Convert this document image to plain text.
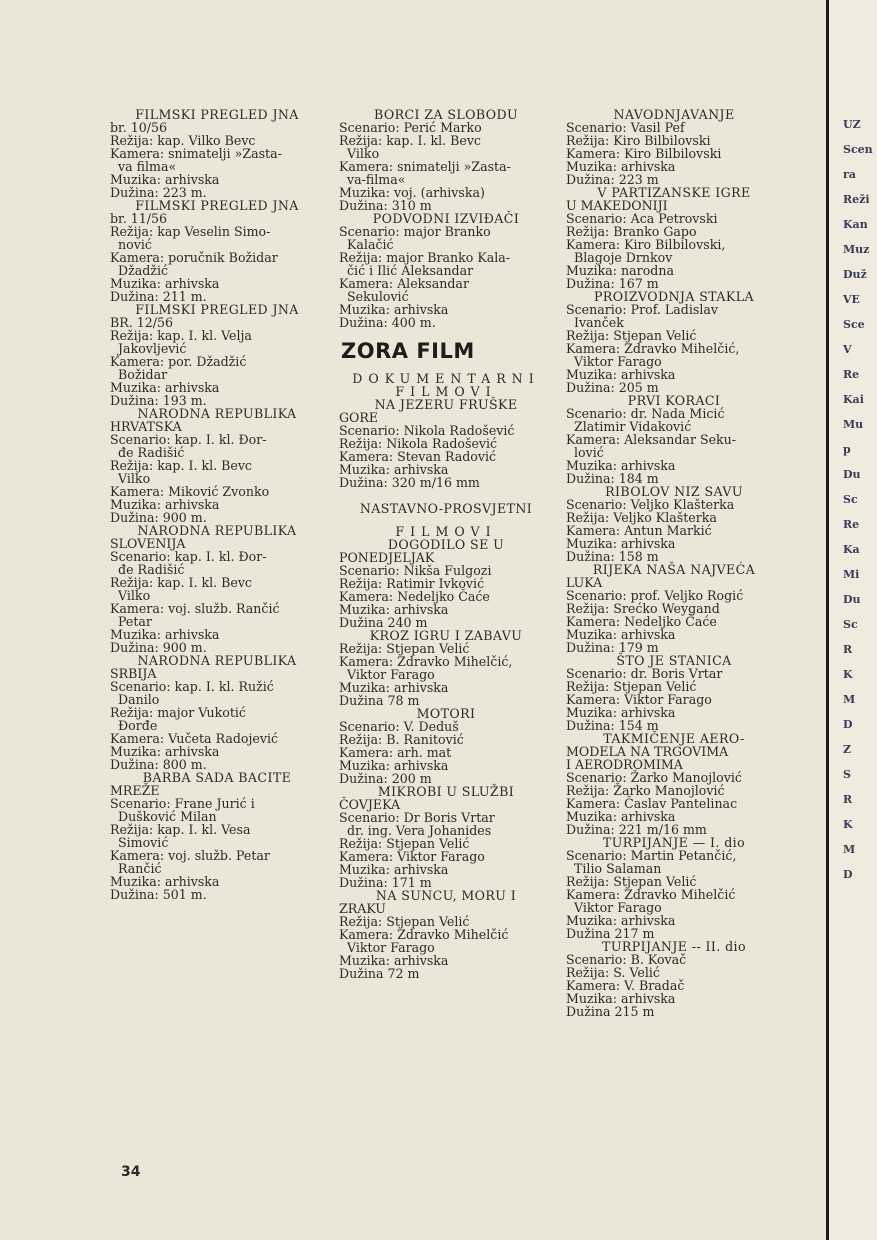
FILMSKI PREGLED JNA
br. 10/56
Režija: kap. Vilko Bevc
Kamera: snimatelji »Zasta-
va filma«
Muzika: arhivska
Dužina: 223 m.
FILMSKI PREGLED JNA
br. 11/56
Režija: kap Veselin Simo-
nović
Kamera: poručnik Božidar
Džadžić
Muzika: arhivska
Dužina: 211 m.
FILMSKI PREGLED JNA
BR. 12/56
Režija: kap. I. kl. Velja
Jakovljević
Kamera: por. Džadžić
Božidar
Muzika: arhivska
Dužina: 193 m.
NARODNA REPUBLIKA
HRVATSKA
Scenario: kap. I. kl. Đor-
đe Radišić
Režija: kap. I. kl. Bevc
Vilko
Kamera: Miković Zvonko
Muzika: arhivska
Dužina: 900 m.
NARODNA REPUBLIKA
SLOVENIJA
Scenario: kap. I. kl. Đor-
đe Radišić
Režija: kap. I. kl. Bevc
Vilko
Kamera: voj. služb. Rančić
Petar
Muzika: arhivska
Dužina: 900 m.
NARODNA REPUBLIKA
SRBIJA
Scenario: kap. I. kl. Ružić
Danilo
Režija: major Vukotić
Đorđe
Kamera: Vučeta Radojević
Muzika: arhivska
Dužina: 800 m.
BARBA SADA BACITE
MREŽE
Scenario: Frane Jurić i
Dušković Milan
Režija: kap. I. kl. Vesa
Simović
Kamera: voj. služb. Petar
Rančić
Muzika: arhivska
Dužina: 501 m.
BORCI ZA SLOBODU
Scenario: Perić Marko
Režija: kap. I. kl. Bevc
Vilko
Kamera: snimatelji »Zasta-
va-filma«
Muzika: voj. (arhivska)
Dužina: 310 m
PODVODNI IZVIĐAČI
Scenario: major Branko
Kalačić
Režija: major Branko Kala-
čić i Ilić Aleksandar
Kamera: Aleksandar
Sekulović
Muzika: arhivska
Dužina: 400 m.
ZORA FILM
DOKUMENTARNI FILMOVI
NA JEZERU FRUŠKE
GORE
Scenario: Nikola Radošević
Režija: Nikola Radošević
Kamera: Stevan Radović
Muzika: arhivska
Dužina: 320 m/16 mm
NASTAVNO-PROSVJETNI
FILMOVI
DOGODILO SE U
PONEDJELJAK
Scenario: Nikša Fulgozi
Režija: Ratimir Ivković
Kamera: Nedeljko Čaće
Muzika: arhivska
Dužina 240 m
KROZ IGRU I ZABAVU
Režija: Stjepan Velić
Kamera: Zdravko Mihelčić,
Viktor Farago
Muzika: arhivska
Dužina 78 m
MOTORI
Scenario: V. Deduš
Režija: B. Ranitović
Kamera: arh. mat
Muzika: arhivska
Dužina: 200 m
MIKROBI U SLUŽBI
ČOVJEKA
Scenario: Dr Boris Vrtar
dr. ing. Vera Johanides
Režija: Stjepan Velić
Kamera: Viktor Farago
Muzika: arhivska
Dužina: 171 m
NA SUNCU, MORU I
ZRAKU
Režija: Stjepan Velić
Kamera: Zdravko Mihelčić
Viktor Farago
Muzika: arhivska
Dužina 72 m
NAVODNJAVANJE
Scenario: Vasil Pef
Režija: Kiro Bilbilovski
Kamera: Kiro Bilbilovski
Muzika: arhivska
Dužina: 223 m
V PARTIZANSKE IGRE
U MAKEDONIJI
Scenario: Aca Petrovski
Režija: Branko Gapo
Kamera: Kiro Bilbilovski,
Blagoje Drnkov
Muzika: narodna
Dužina: 167 m
PROIZVODNJA STAKLA
Scenario: Prof. Ladislav
Ivanček
Režija: Stjepan Velić
Kamera: Zdravko Mihelčić,
Viktor Farago
Muzika: arhivska
Dužina: 205 m
PRVI KORACI
Scenario: dr. Nada Micić
Zlatimir Vidaković
Kamera: Aleksandar Seku-
lović
Muzika: arhivska
Dužina: 184 m
RIBOLOV NIZ SAVU
Scenario: Veljko Klašterka
Režija: Veljko Klašterka
Kamera: Antun Markić
Muzika: arhivska
Dužina: 158 m
RIJEKA NAŠA NAJVEĆA
LUKA
Scenario: prof. Veljko Rogić
Režija: Srećko Weygand
Kamera: Nedeljko Čaće
Muzika: arhivska
Dužina: 179 m
ŠTO JE STANICA
Scenario: dr. Boris Vrtar
Režija: Stjepan Velić
Kamera: Viktor Farago
Muzika: arhivska
Dužina: 154 m
TAKMIČENJE AERO-
MODELA NA TRGOVIMA
I AERODROMIMA
Scenario: Žarko Manojlović
Režija: Žarko Manojlović
Kamera: Časlav Pantelinac
Muzika: arhivska
Dužina: 221 m/16 mm
TURPIJANJE — I. dio
Scenario: Martin Petančić,
Tilio Salaman
Režija: Stjepan Velić
Kamera: Zdravko Mihelčić
Viktor Farago
Muzika: arhivska
Dužina 217 m
TURPIJANJE -- II. dio
Scenario: B. Kovač
Režija: S. Velić
Kamera: V. Bradač
Muzika: arhivska
Dužina 215 m
34
UZ
Scen
ra
Reži
Kan
Muz
Duž
VE
Sce
V
Re
Kai
Mu
p
Du
Sc
Re
Ka
Mi
Du
Sc
R
K
M
D
Z
S
R
K
M
D
